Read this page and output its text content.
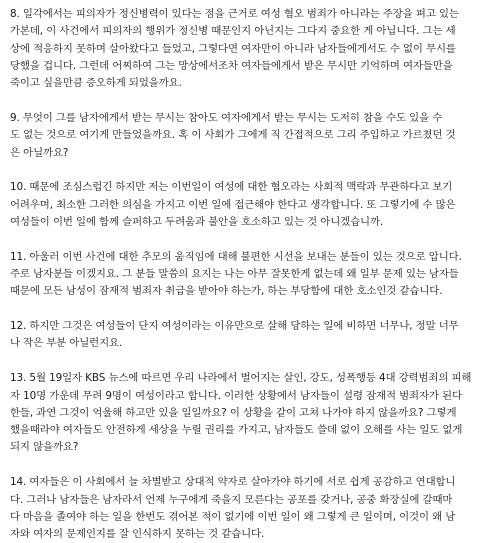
8. 일각에서는 피의자가 정신병력이 있다는 점을 근거로 여성 혐오 범죄가 아니라는 주장을 펴고 있는
가본데, 이 사건에서 피의자의 행위가 정신병 때문인지 아닌지는 그다지 중요한 게 아닙니다. 그는 세
상에 적응하지 못하며 살아왔다고 들었고, 그렇다면 여자만이 아니라 남자들에게서도 수 없이 무시를
당했을 겁니다. 그런데 어찌하여 그는 망상에서조차 여자들에게서 받은 무시만 기억하며 여자들만을
죽이고 싶을만큼 증오하게 되었을까요.
9. 무엇이 그를 남자에게서 받는 무시는 참아도 여자에게서 받는 무시는 도저히 참을 수도 있을 수
도 없는 것으로 여기게 만들었을까요. 혹 이 사회가 그에게 직 간접적으로 그리 주입하고 가르쳤던 것
은 아닐까요?
10. 때문에 조심스럽긴 하지만 저는 이번일이 여성에 대한 혐오라는 사회적 맥락과 무관하다고 보기
어려우며, 최소한 그러한 의심을 가지고 이번 일에 접근해야 한다고 생각합니다. 또 그렇기에 수 많은
여성들이 이번 일에 함께 슬퍼하고 두려움과 불안을 호소하고 있는 것 아니겠습니까.
11. 아울러 이번 사건에 대한 추모의 움직임에 대해 불편한 시선을 보내는 분들이 있는 것으로 압니다.
주로 남자분들 이겠지요. 그 분들 말씀의 요지는 나는 아무 잘못한게 없는데 왜 일부 문제 있는 남자들
때문에 모든 남성이 잠재적 범죄자 취급을 받아야 하는가, 하는 부당함에 대한 호소인것 같습니다.
12. 하지만 그것은 여성들이 단지 여성이라는 이유만으로 살해 당하는 일에 비하면 너무나, 정말 너무
나 작은 부분 아닐런지요.
13. 5월 19일자 KBS 뉴스에 따르면 우리 나라에서 벌어지는 살인, 강도, 성폭행등 4대 강력범죄의 피해
자 10명 가운데 무려 9명이 여성이라고 합니다. 이러한 상황에서 남자들이 설령 잠재적 범죄자가 된다
한들, 과연 그것이 억울해 하고만 있을 일일까요? 이 상황을 같이 고쳐 나가야 하지 않을까요? 그렇게
했을때라야 여자들도 안전하게 세상을 누릴 권리를 가지고, 남자들도 쓸데 없이 오해를 사는 일도 없게
되지 않을까요?
14. 여자들은 이 사회에서 늘 차별받고 상대적 약자로 살아가야 하기에 서로 쉽게 공감하고 연대합니
다. 그러나 남자들은 남자라서 언제 누구에게 죽을지 모른다는 공포를 갖거나, 공중 화장실에 갈때마
다 마음을 졸여야 하는 일을 한번도 겪어본 적이 없기에 이번 일이 왜 그렇게 큰 일이며, 이것이 왜 남
자와 여자의 문제인지를 잘 인식하지 못하는 것 같습니다.
